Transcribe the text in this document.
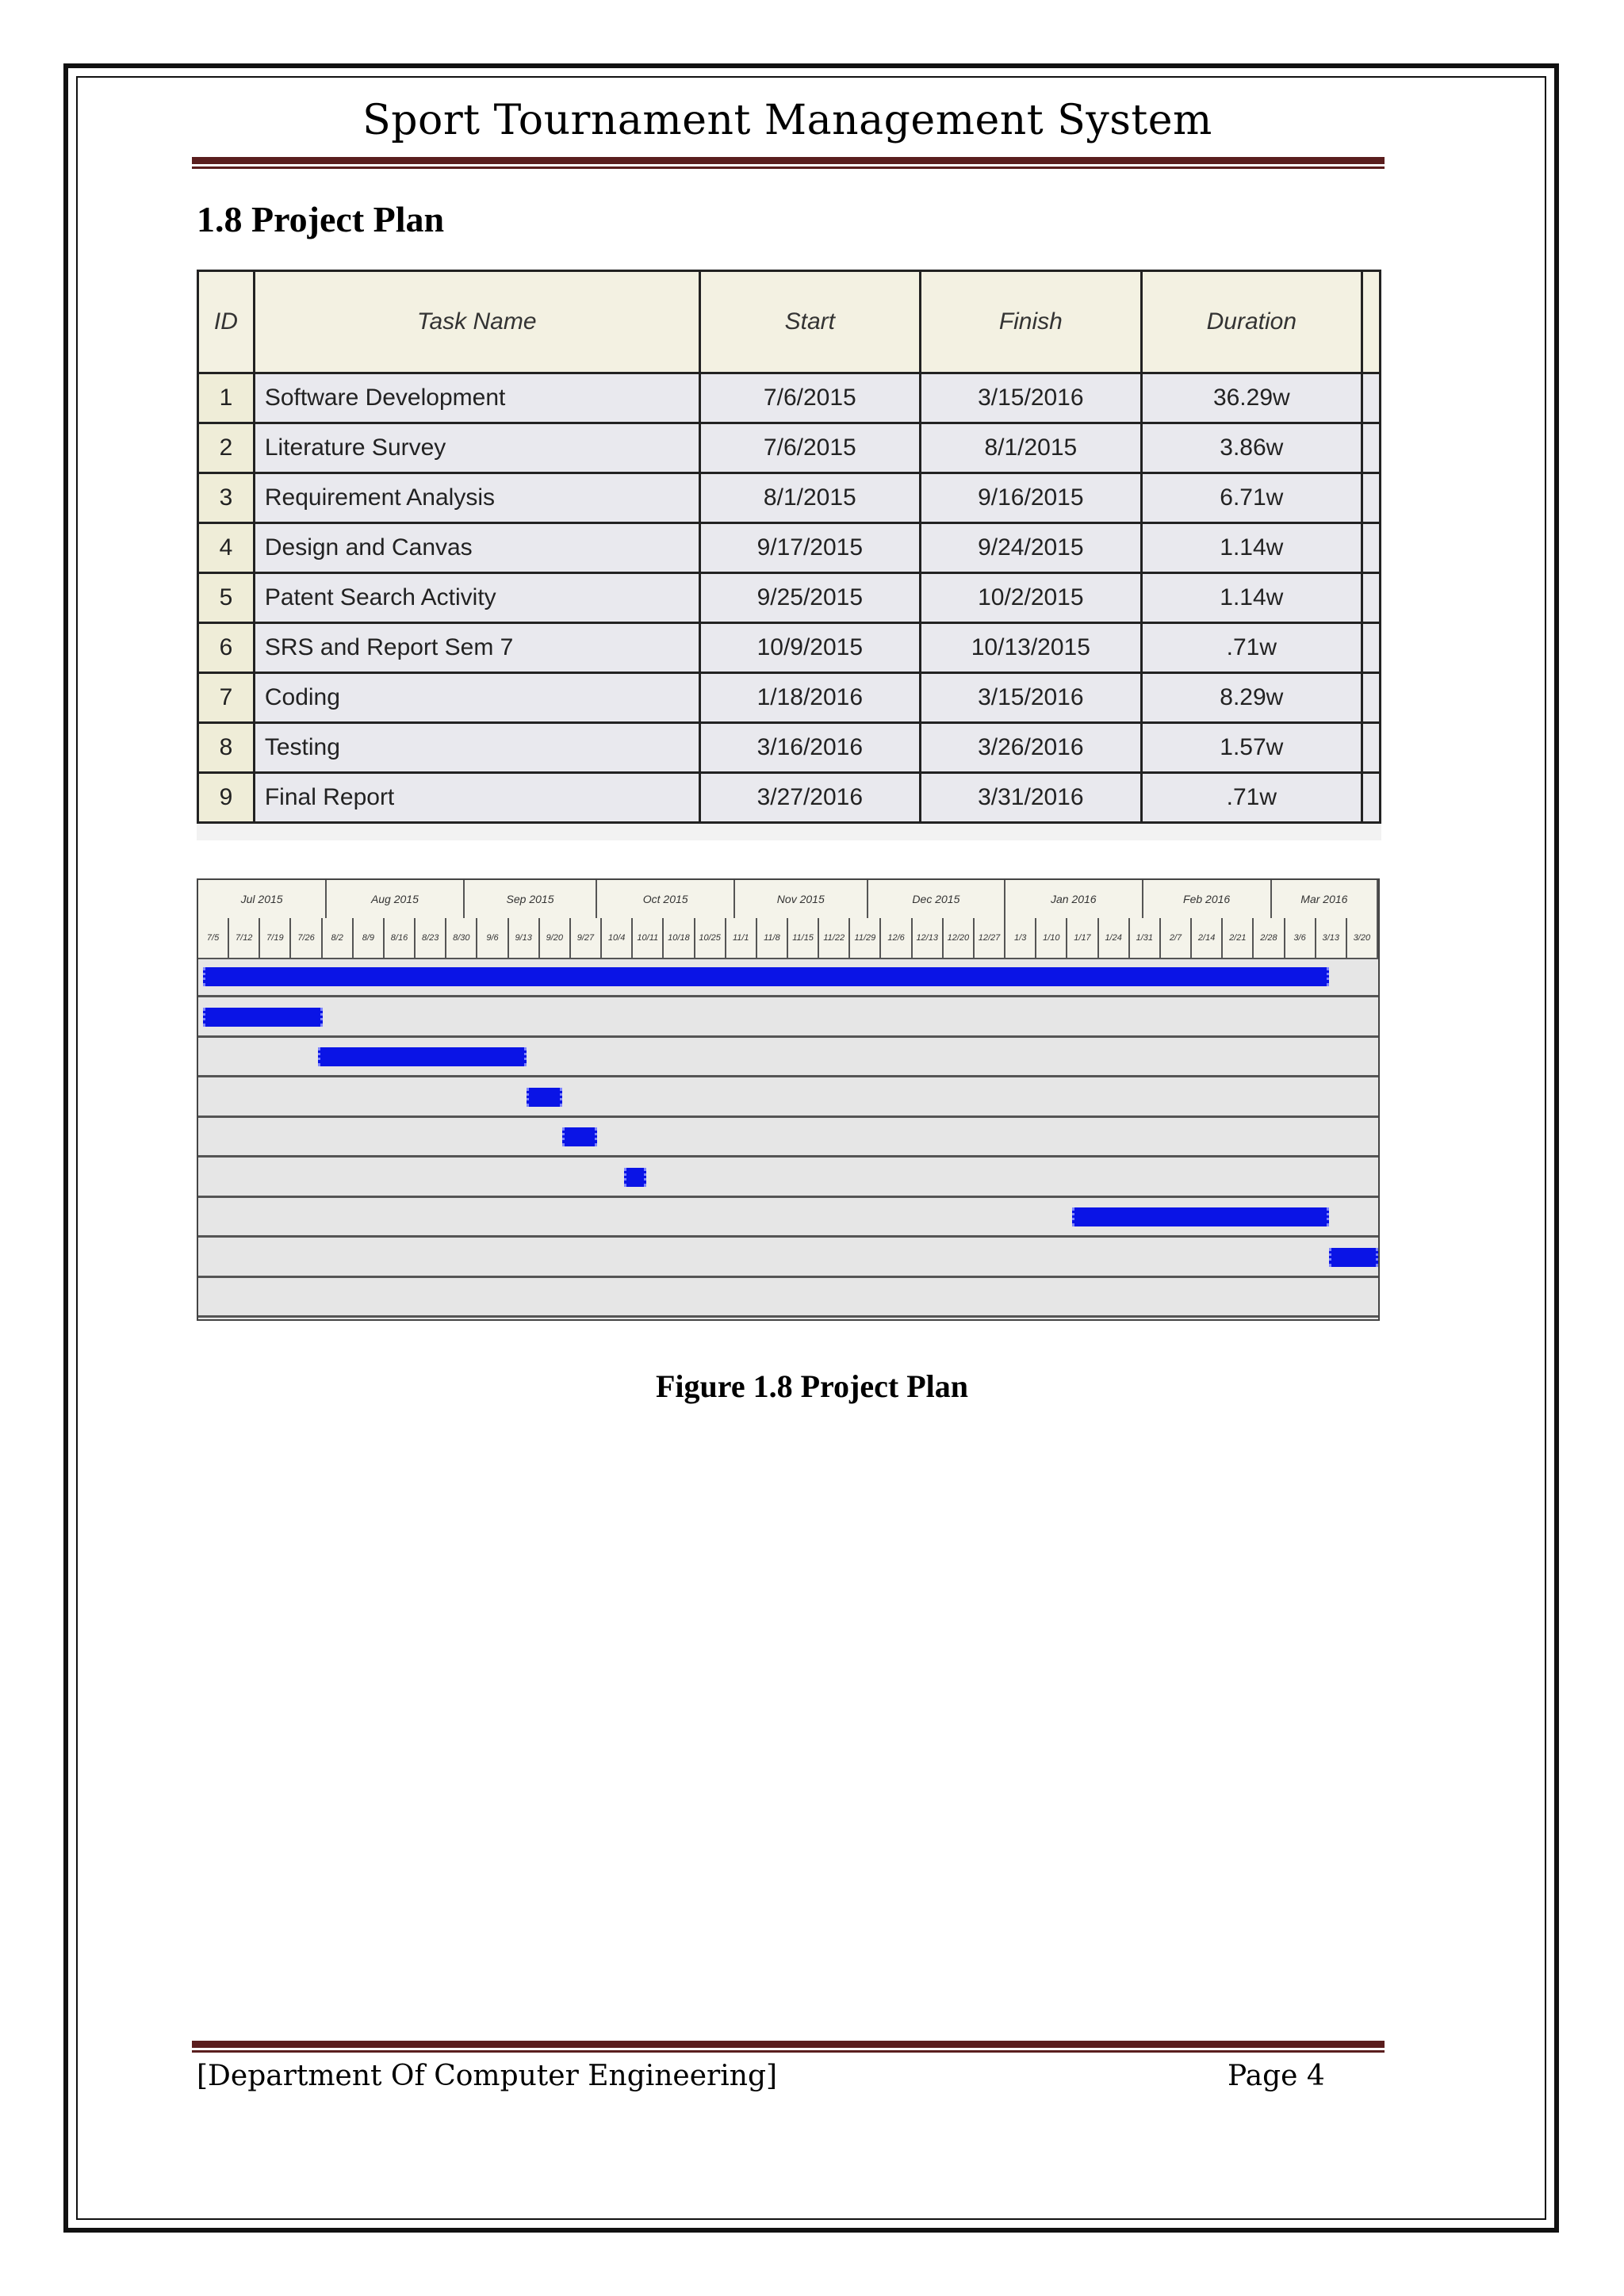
Sport Tournament Management System
1.8 Project Plan
ID	Task Name	Start	Finish	Duration	
1	Software Development	7/6/2015	3/15/2016	36.29w	
2	Literature Survey	7/6/2015	8/1/2015	3.86w	
3	Requirement Analysis	8/1/2015	9/16/2015	6.71w	
4	Design and Canvas	9/17/2015	9/24/2015	1.14w	
5	Patent Search Activity	9/25/2015	10/2/2015	1.14w	
6	SRS and Report Sem 7	10/9/2015	10/13/2015	.71w	
7	Coding	1/18/2016	3/15/2016	8.29w	
8	Testing	3/16/2016	3/26/2016	1.57w	
9	Final Report	3/27/2016	3/31/2016	.71w	
Jul 2015	Aug 2015	Sep 2015	Oct 2015	Nov 2015	Dec 2015	Jan 2016	Feb 2016	Mar 2016
7/5	7/12	7/19	7/26	8/2	8/9	8/16	8/23	8/30	9/6	9/13	9/20	9/27	10/4	10/11	10/18	10/25	11/1	11/8	11/15	11/22	11/29	12/6	12/13	12/20	12/27	1/3	1/10	1/17	1/24	1/31	2/7	2/14	2/21	2/28	3/6	3/13	3/20
Figure 1.8 Project Plan
[Department Of Computer Engineering]	Page 4
